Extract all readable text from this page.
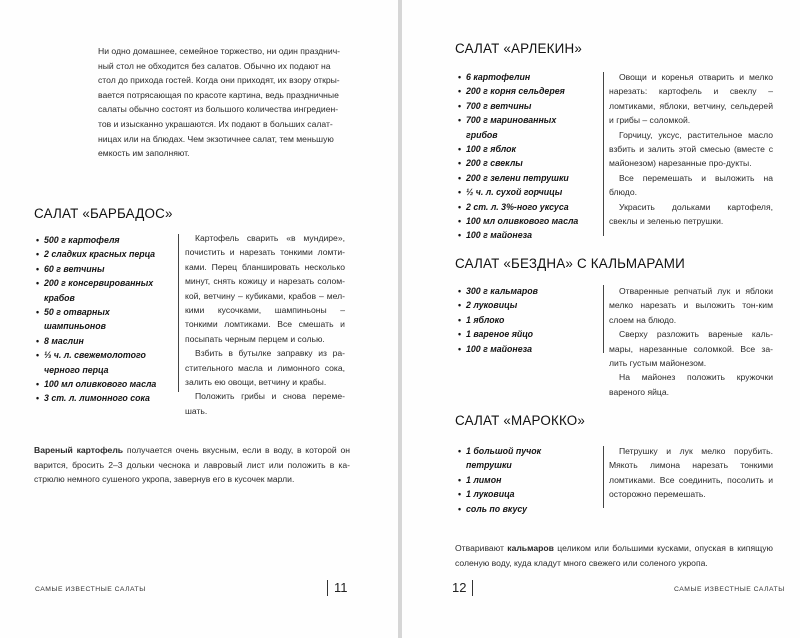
Ни одно домашнее, семейное торжество, ни один празднич-
ный стол не обходится без салатов. Обычно их подают на
стол до прихода гостей. Когда они приходят, их взору откры-
вается потрясающая по красоте картина, ведь праздничные
салаты обычно состоят из большого количества ингредиен-
тов и изысканно украшаются. Их подают в больших салат-
ницах или на блюдах. Чем экзотичнее салат, тем меньшую
емкость им заполняют.
САЛАТ «БАРБАДОС»
• 500 г картофеля
• 2 сладких красных перца
• 60 г ветчины
• 200 г консервированных
крабов
• 50 г отварных
шампиньонов
• 8 маслин
• ⅓ ч. л. свежемолотого
черного перца
• 100 мл оливкового масла
• 3 ст. л. лимонного сока

Картофель сварить «в мундире», почистить и нарезать тонкими ломти-ками. Перец бланшировать несколько минут, снять кожицу и нарезать солом-кой, ветчину – кубиками, крабов – мел-кими кусочками, шампиньоны – тонкими ломтиками. Все смешать и посыпать черным перцем и солью.

Взбить в бутылке заправку из ра-стительного масла и лимонного сока, залить ею овощи, ветчину и крабы.

Положить грибы и снова переме-шать.

Вареный картофель получается очень вкусным, если в воду, в которой он варится, бросить 2–3 дольки чеснока и лавровый лист или положить в ка-стрюлю немного сушеного укропа, завернув его в кусочек марли.

САМЫЕ ИЗВЕСТНЫЕ САЛАТЫ	11
САЛАТ «АРЛЕКИН»
• 6 картофелин
• 200 г корня сельдерея
• 700 г ветчины
• 700 г маринованных
грибов
• 100 г яблок
• 200 г свеклы
• 200 г зелени петрушки
• ½ ч. л. сухой горчицы
• 2 ст. л. 3%-ного уксуса
• 100 мл оливкового масла
• 100 г майонеза

Овощи и коренья отварить и мелко нарезать: картофель и свеклу – ломтиками, яблоки, ветчину, сельдерей и грибы – соломкой.

Горчицу, уксус, растительное масло взбить и залить этой смесью (вместе с майонезом) нарезанные про-дукты.

Все перемешать и выложить на блюдо.

Украсить дольками картофеля, свеклы и зеленью петрушки.

САЛАТ «БЕЗДНА» С КАЛЬМАРАМИ
• 300 г кальмаров
• 2 луковицы
• 1 яблоко
• 1 вареное яйцо
• 100 г майонеза

Отваренные репчатый лук и яблоки мелко нарезать и выложить тон-ким слоем на блюдо.

Сверху разложить вареные каль-мары, нарезанные соломкой. Все за-лить густым майонезом.

На майонез положить кружочки вареного яйца.

САЛАТ «МАРОККО»
• 1 большой пучок
петрушки
• 1 лимон
• 1 луковица
• соль по вкусу

Петрушку и лук мелко порубить. Мякоть лимона нарезать тонкими ломтиками. Все соединить, посолить и осторожно перемешать.

Отваривают кальмаров целиком или большими кусками, опуская в кипящую соленую воду, куда кладут много свежего или соленого укропа.

12	САМЫЕ ИЗВЕСТНЫЕ САЛАТЫ
